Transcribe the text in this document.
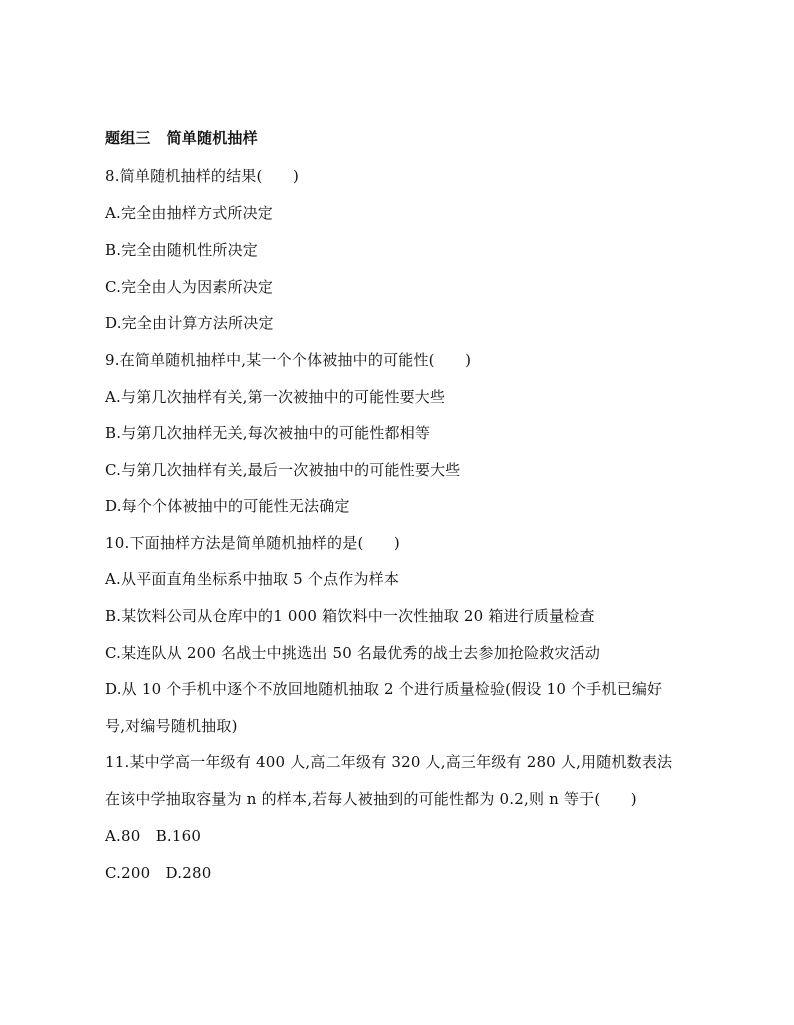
题组三 简单随机抽样
8.简单随机抽样的结果(　　)
A.完全由抽样方式所决定
B.完全由随机性所决定
C.完全由人为因素所决定
D.完全由计算方法所决定
9.在简单随机抽样中,某一个个体被抽中的可能性(　　)
A.与第几次抽样有关,第一次被抽中的可能性要大些
B.与第几次抽样无关,每次被抽中的可能性都相等
C.与第几次抽样有关,最后一次被抽中的可能性要大些
D.每个个体被抽中的可能性无法确定
10.下面抽样方法是简单随机抽样的是(　　)
A.从平面直角坐标系中抽取 5 个点作为样本
B.某饮料公司从仓库中的1 000 箱饮料中一次性抽取 20 箱进行质量检查
C.某连队从 200 名战士中挑选出 50 名最优秀的战士去参加抢险救灾活动
D.从 10 个手机中逐个不放回地随机抽取 2 个进行质量检验(假设 10 个手机已编好
号,对编号随机抽取)
11.某中学高一年级有 400 人,高二年级有 320 人,高三年级有 280 人,用随机数表法
在该中学抽取容量为 n 的样本,若每人被抽到的可能性都为 0.2,则 n 等于(　　)
A.80　B.160
C.200　D.280
